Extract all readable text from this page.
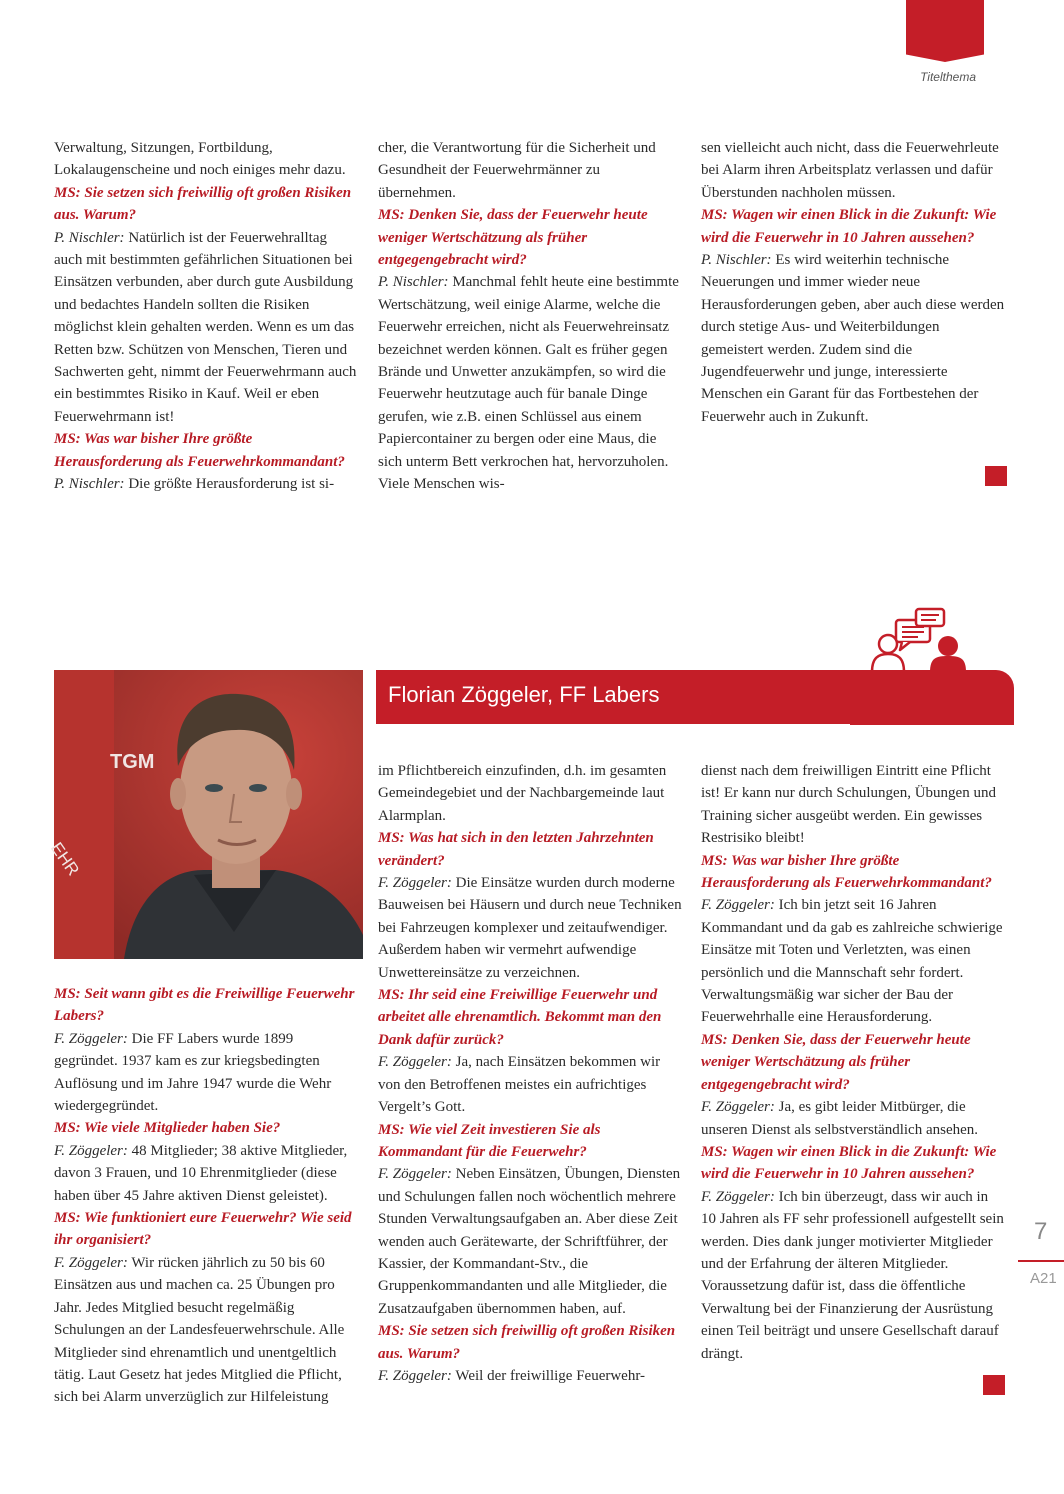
Titelthema

Verwaltung, Sitzungen, Fortbildung, Lokalaugenscheine und noch einiges mehr dazu.

MS: Sie setzen sich freiwillig oft großen Risiken aus. Warum?

P. Nischler: Natürlich ist der Feuerwehralltag auch mit bestimmten gefährlichen Situationen bei Einsätzen verbunden, aber durch gute Ausbildung und bedachtes Handeln sollten die Risiken möglichst klein gehalten werden. Wenn es um das Retten bzw. Schützen von Menschen, Tieren und Sachwerten geht, nimmt der Feuerwehrmann auch ein bestimmtes Risiko in Kauf. Weil er eben Feuerwehrmann ist!

MS: Was war bisher Ihre größte Herausforderung als Feuerwehrkommandant?

P. Nischler: Die größte Herausforderung ist si-

cher, die Verantwortung für die Sicherheit und Gesundheit der Feuerwehrmänner zu übernehmen.

MS: Denken Sie, dass der Feuerwehr heute weniger Wertschätzung als früher entgegengebracht wird?

P. Nischler: Manchmal fehlt heute eine bestimmte Wertschätzung, weil einige Alarme, welche die Feuerwehr erreichen, nicht als Feuerwehreinsatz bezeichnet werden können. Galt es früher gegen Brände und Unwetter anzukämpfen, so wird die Feuerwehr heutzutage auch für banale Dinge gerufen, wie z.B. einen Schlüssel aus einem Papiercontainer zu bergen oder eine Maus, die sich unterm Bett verkrochen hat, hervorzuholen. Viele Menschen wis-

sen vielleicht auch nicht, dass die Feuerwehrleute bei Alarm ihren Arbeitsplatz verlassen und dafür Überstunden nachholen müssen.

MS: Wagen wir einen Blick in die Zukunft: Wie wird die Feuerwehr in 10 Jahren aussehen?

P. Nischler: Es wird weiterhin technische Neuerungen und immer wieder neue Herausforderungen geben, aber auch diese werden durch stetige Aus- und Weiterbildungen gemeistert werden. Zudem sind die Jugendfeuerwehr und junge, interessierte Menschen ein Garant für das Fortbestehen der Feuerwehr auch in Zukunft.

TGM
EHR
Florian Zöggeler, FF Labers

MS: Seit wann gibt es die Freiwillige Feuerwehr Labers?

F. Zöggeler: Die FF Labers wurde 1899 gegründet. 1937 kam es zur kriegsbedingten Auflösung und im Jahre 1947 wurde die Wehr wiedergegründet.

MS: Wie viele Mitglieder haben Sie?

F. Zöggeler: 48 Mitglieder; 38 aktive Mitglieder, davon 3 Frauen, und 10 Ehrenmitglieder (diese haben über 45 Jahre aktiven Dienst geleistet).

MS: Wie funktioniert eure Feuerwehr? Wie seid ihr organisiert?

F. Zöggeler: Wir rücken jährlich zu 50 bis 60 Einsätzen aus und machen ca. 25 Übungen pro Jahr. Jedes Mitglied besucht regelmäßig Schulungen an der Landesfeuerwehrschule. Alle Mitglieder sind ehrenamtlich und unentgeltlich tätig. Laut Gesetz hat jedes Mitglied die Pflicht, sich bei Alarm unverzüglich zur Hilfeleistung

im Pflichtbereich einzufinden, d.h. im gesamten Gemeindegebiet und der Nachbargemeinde laut Alarmplan.

MS: Was hat sich in den letzten Jahrzehnten verändert?

F. Zöggeler: Die Einsätze wurden durch moderne Bauweisen bei Häusern und durch neue Techniken bei Fahrzeugen komplexer und zeitaufwendiger. Außerdem haben wir vermehrt aufwendige Unwettereinsätze zu verzeichnen.

MS: Ihr seid eine Freiwillige Feuerwehr und arbeitet alle ehrenamtlich. Bekommt man den Dank dafür zurück?

F. Zöggeler: Ja, nach Einsätzen bekommen wir von den Betroffenen meistes ein aufrichtiges Vergelt’s Gott.

MS: Wie viel Zeit investieren Sie als Kommandant für die Feuerwehr?

F. Zöggeler: Neben Einsätzen, Übungen, Diensten und Schulungen fallen noch wöchentlich mehrere Stunden Verwaltungsaufgaben an. Aber diese Zeit wenden auch Gerätewarte, der Schriftführer, der Kassier, der Kommandant-Stv., die Gruppenkommandanten und alle Mitglieder, die Zusatzaufgaben übernommen haben, auf.

MS: Sie setzen sich freiwillig oft großen Risiken aus. Warum?

F. Zöggeler: Weil der freiwillige Feuerwehr-

dienst nach dem freiwilligen Eintritt eine Pflicht ist! Er kann nur durch Schulungen, Übungen und Training sicher ausgeübt werden. Ein gewisses Restrisiko bleibt!

MS: Was war bisher Ihre größte Herausforderung als Feuerwehrkommandant?

F. Zöggeler: Ich bin jetzt seit 16 Jahren Kommandant und da gab es zahlreiche schwierige Einsätze mit Toten und Verletzten, was einen persönlich und die Mannschaft sehr fordert. Verwaltungsmäßig war sicher der Bau der Feuerwehrhalle eine Herausforderung.

MS: Denken Sie, dass der Feuerwehr heute weniger Wertschätzung als früher entgegengebracht wird?

F. Zöggeler: Ja, es gibt leider Mitbürger, die unseren Dienst als selbstverständlich ansehen.

MS: Wagen wir einen Blick in die Zukunft: Wie wird die Feuerwehr in 10 Jahren aussehen?

F. Zöggeler: Ich bin überzeugt, dass wir auch in 10 Jahren als FF sehr professionell aufgestellt sein werden. Dies dank junger motivierter Mitglieder und der Erfahrung der älteren Mitglieder. Voraussetzung dafür ist, dass die öffentliche Verwaltung bei der Finanzierung der Ausrüstung einen Teil beiträgt und unsere Gesellschaft darauf drängt.

7
A21
